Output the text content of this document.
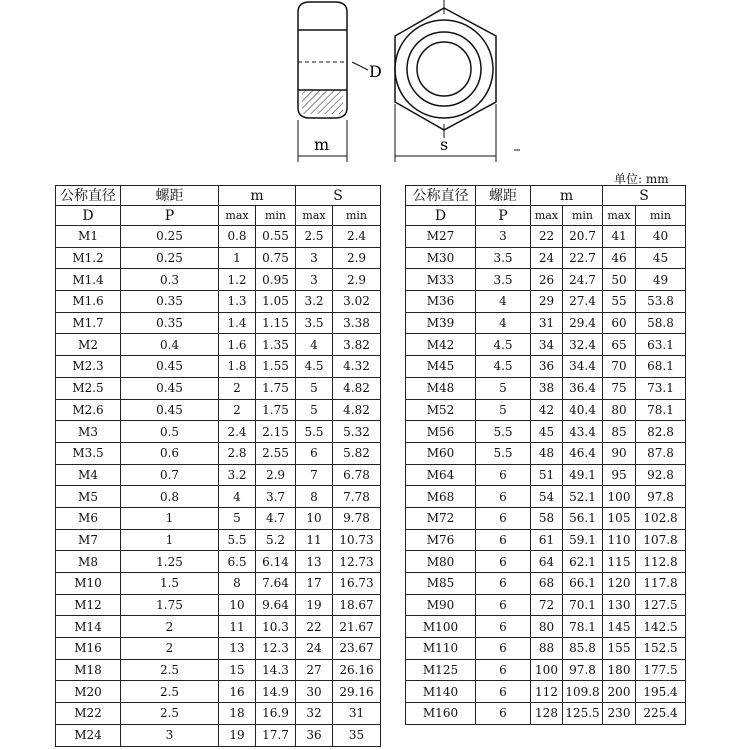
D
m	s
单位: mm
公称直径	螺距	m		S	
D	P				
		max	min	max	min
M1	0.25	0.8	0.55	2.5	2.4
M1.2	0.25	1	0.75	3	2.9
M1.4	0.3	1.2	0.95	3	2.9
M1.6	0.35	1.3	1.05	3.2	3.02
M1.7	0.35	1.4	1.15	3.5	3.38
M2	0.4	1.6	1.35	4	3.82
M2.3	0.45	1.8	1.55	4.5	4.32
M2.5	0.45	2	1.75	5	4.82
M2.6	0.45	2	1.75	5	4.82
M3	0.5	2.4	2.15	5.5	5.32
M3.5	0.6	2.8	2.55	6	5.82
M4	0.7	3.2	2.9	7	6.78
M5	0.8	4	3.7	8	7.78
M6	1	5	4.7	10	9.78
M7	1	5.5	5.2	11	10.73
M8	1.25	6.5	6.14	13	12.73
M10	1.5	8	7.64	17	16.73
M12	1.75	10	9.64	19	18.67
M14	2	11	10.3	22	21.67
M16	2	13	12.3	24	23.67
M18	2.5	15	14.3	27	26.16
M20	2.5	16	14.9	30	29.16
M22	2.5	18	16.9	32	31
M24	3	19	17.7	36	35
公称直径	螺距	m		S	
D	P				
		max	min	max	min
M27	3	22	20.7	41	40
M30	3.5	24	22.7	46	45
M33	3.5	26	24.7	50	49
M36	4	29	27.4	55	53.8
M39	4	31	29.4	60	58.8
M42	4.5	34	32.4	65	63.1
M45	4.5	36	34.4	70	68.1
M48	5	38	36.4	75	73.1
M52	5	42	40.4	80	78.1
M56	5.5	45	43.4	85	82.8
M60	5.5	48	46.4	90	87.8
M64	6	51	49.1	95	92.8
M68	6	54	52.1	100	97.8
M72	6	58	56.1	105	102.8
M76	6	61	59.1	110	107.8
M80	6	64	62.1	115	112.8
M85	6	68	66.1	120	117.8
M90	6	72	70.1	130	127.5
M100	6	80	78.1	145	142.5
M110	6	88	85.8	155	152.5
M125	6	100	97.8	180	177.5
M140	6	112	109.8	200	195.4
M160	6	128	125.5	230	225.4
